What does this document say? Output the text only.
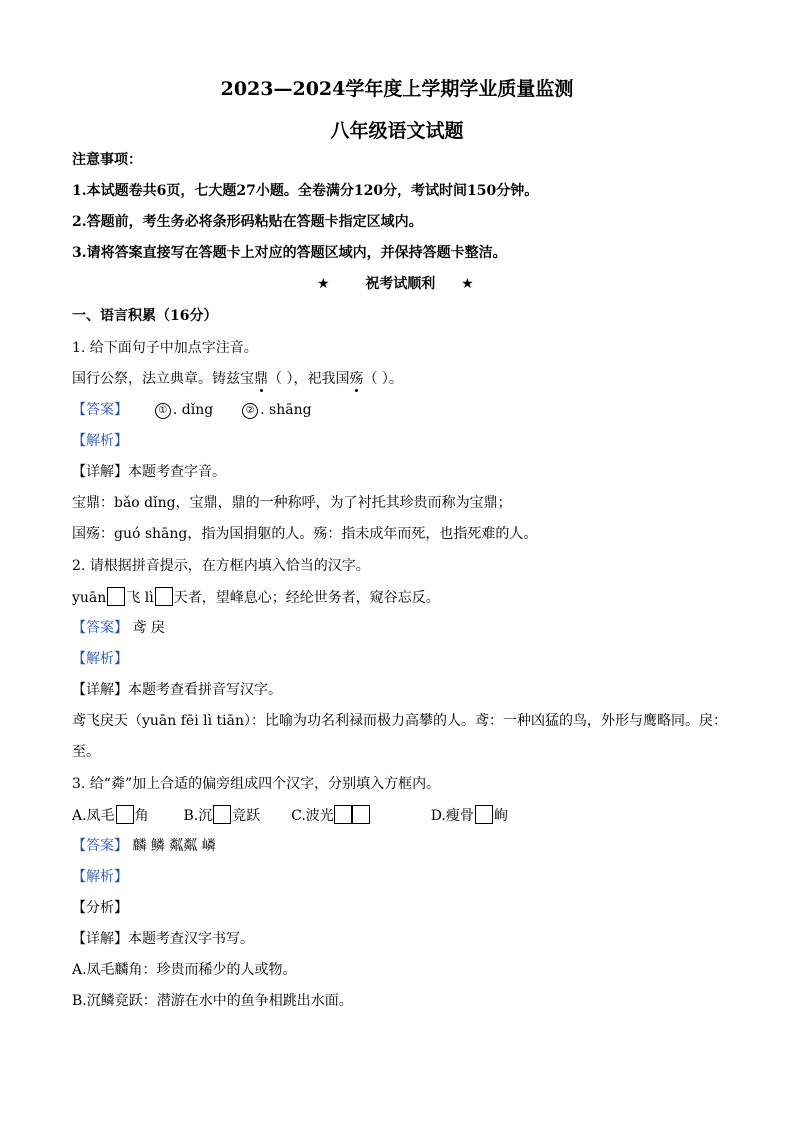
2023—2024学年度上学期学业质量监测
八年级语文试题
注意事项：
1.本试题卷共6页，七大题27小题。全卷满分120分，考试时间150分钟。
2.答题前，考生务必将条形码粘贴在答题卡指定区域内。
3.请将答案直接写在答题卡上对应的答题区域内，并保持答题卡整洁。
★	祝考试顺利 ★
一、语言积累（16分）
1. 给下面句子中加点字注音。
国行公祭，法立典章。铸兹宝鼎（ ），祀我国殇（ ）。
【答案】	① . dǐng	② . shāng
【解析】
【详解】本题考查字音。
宝鼎：bǎo dǐng，宝鼎，鼎的一种称呼，为了衬托其珍贵而称为宝鼎；
国殇：guó shāng，指为国捐躯的人。殇：指未成年而死，也指死难的人。
2. 请根据拼音提示，在方框内填入恰当的汉字。
yuān 飞 lì 天者，望峰息心；经纶世务者，窥谷忘反。
【答案】 鸢 戾
【解析】
【详解】本题考查看拼音写汉字。
鸢飞戾天（yuān fēi lì tiān）：比喻为功名利禄而极力高攀的人。鸢：一种凶猛的鸟，外形与鹰略同。戾：
至。
3. 给“粦”加上合适的偏旁组成四个汉字，分别填入方框内。
A.凤毛 角 B.沉 竞跃 C.波光	D.瘦骨 峋
【答案】 麟 鳞 粼粼 嶙
【解析】
【分析】
【详解】本题考查汉字书写。
A.凤毛麟角：珍贵而稀少的人或物。
B.沉鳞竞跃：潜游在水中的鱼争相跳出水面。
